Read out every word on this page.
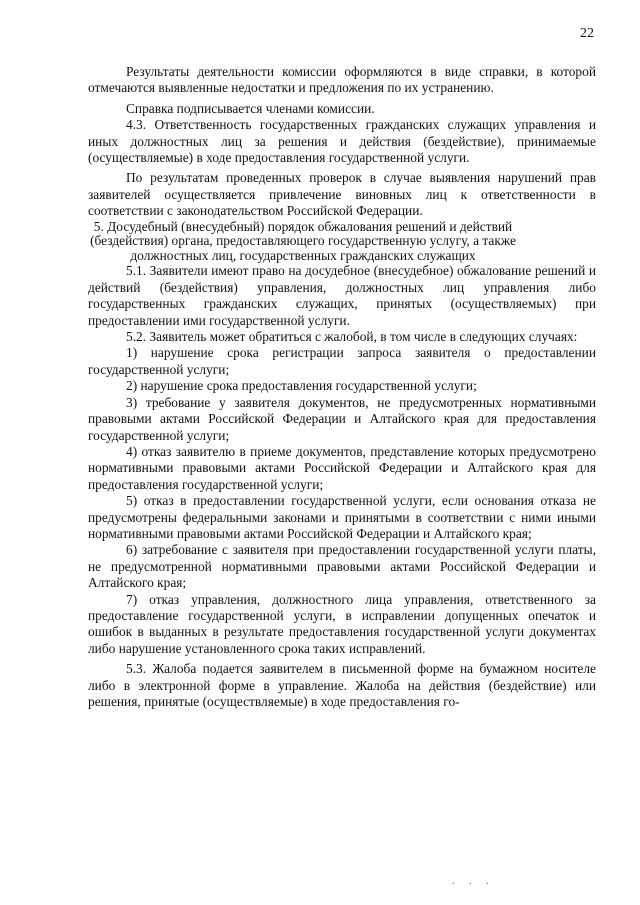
22

Результаты деятельности комиссии оформляются в виде справки, в которой отмечаются выявленные недостатки и предложения по их устранению.

Справка подписывается членами комиссии.

4.3. Ответственность государственных гражданских служащих управления и иных должностных лиц за решения и действия (бездействие), принимаемые (осуществляемые) в ходе предоставления государственной услуги.

По результатам проведенных проверок в случае выявления нарушений прав заявителей осуществляется привлечение виновных лиц к ответственности в соответствии с законодательством Российской Федерации.

5. Досудебный (внесудебный) порядок обжалования решений и действий (бездействия) органа, предоставляющего государственную услугу, а также должностных лиц, государственных гражданских служащих

5.1. Заявители имеют право на досудебное (внесудебное) обжалование решений и действий (бездействия) управления, должностных лиц управления либо государственных гражданских служащих, принятых (осуществляемых) при предоставлении ими государственной услуги.

5.2. Заявитель может обратиться с жалобой, в том числе в следующих случаях:

1) нарушение срока регистрации запроса заявителя о предоставлении государственной услуги;

2) нарушение срока предоставления государственной услуги;

3) требование у заявителя документов, не предусмотренных нормативными правовыми актами Российской Федерации и Алтайского края для предоставления государственной услуги;

4) отказ заявителю в приеме документов, представление которых предусмотрено нормативными правовыми актами Российской Федерации и Алтайского края для предоставления государственной услуги;

5) отказ в предоставлении государственной услуги, если основания отказа не предусмотрены федеральными законами и принятыми в соответствии с ними иными нормативными правовыми актами Российской Федерации и Алтайского края;

6) затребование с заявителя при предоставлении государственной услуги платы, не предусмотренной нормативными правовыми актами Российской Федерации и Алтайского края;

7) отказ управления, должностного лица управления, ответственного за предоставление государственной услуги, в исправлении допущенных опечаток и ошибок в выданных в результате предоставления государственной услуги документах либо нарушение установленного срока таких исправлений.

5.3. Жалоба подается заявителем в письменной форме на бумажном носителе либо в электронной форме в управление. Жалоба на действия (бездействие) или решения, принятые (осуществляемые) в ходе предоставления го-

. . .
